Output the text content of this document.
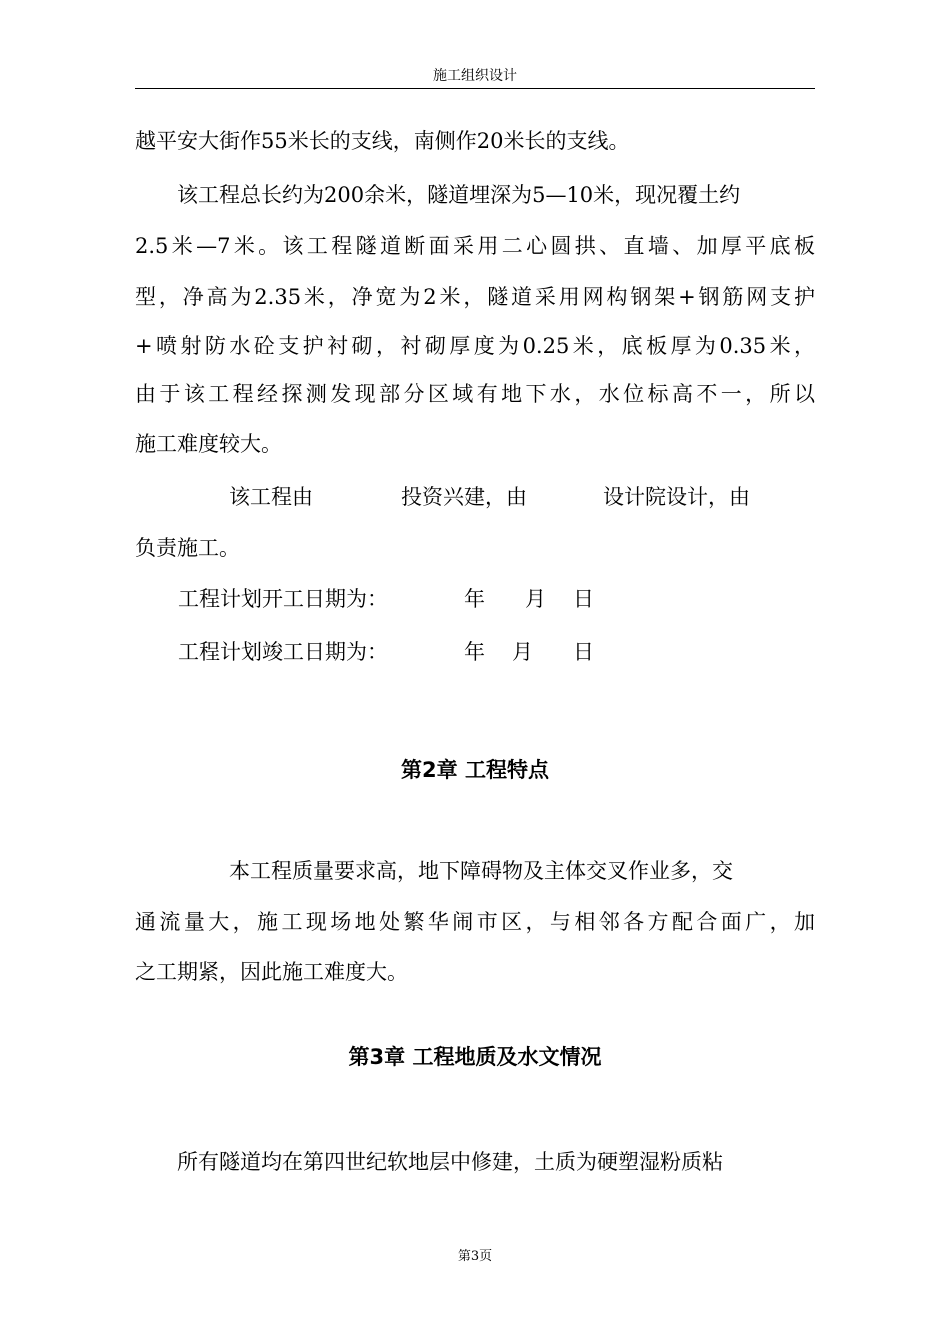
施工组织设计
越平安大街作55米长的支线，南侧作20米长的支线。
该工程总长约为200余米，隧道埋深为5—10米，现况覆土约
2.5米—7米。该工程隧道断面采用二心圆拱、直墙、加厚平底板
型，净高为2.35米，净宽为2米，隧道采用网构钢架+钢筋网支护
+喷射防水砼支护衬砌，衬砌厚度为0.25米，底板厚为0.35米，
由于该工程经探测发现部分区域有地下水，水位标高不一，所以
施工难度较大。
该工程由	投资兴建，由	设计院设计，由
负责施工。
工程计划开工日期为：	年 月 日
工程计划竣工日期为：	年 月 日
第2章 工程特点
本工程质量要求高，地下障碍物及主体交叉作业多，交
通流量大，施工现场地处繁华闹市区，与相邻各方配合面广，加
之工期紧，因此施工难度大。
第3章 工程地质及水文情况
所有隧道均在第四世纪软地层中修建，土质为硬塑湿粉质粘
第3页
